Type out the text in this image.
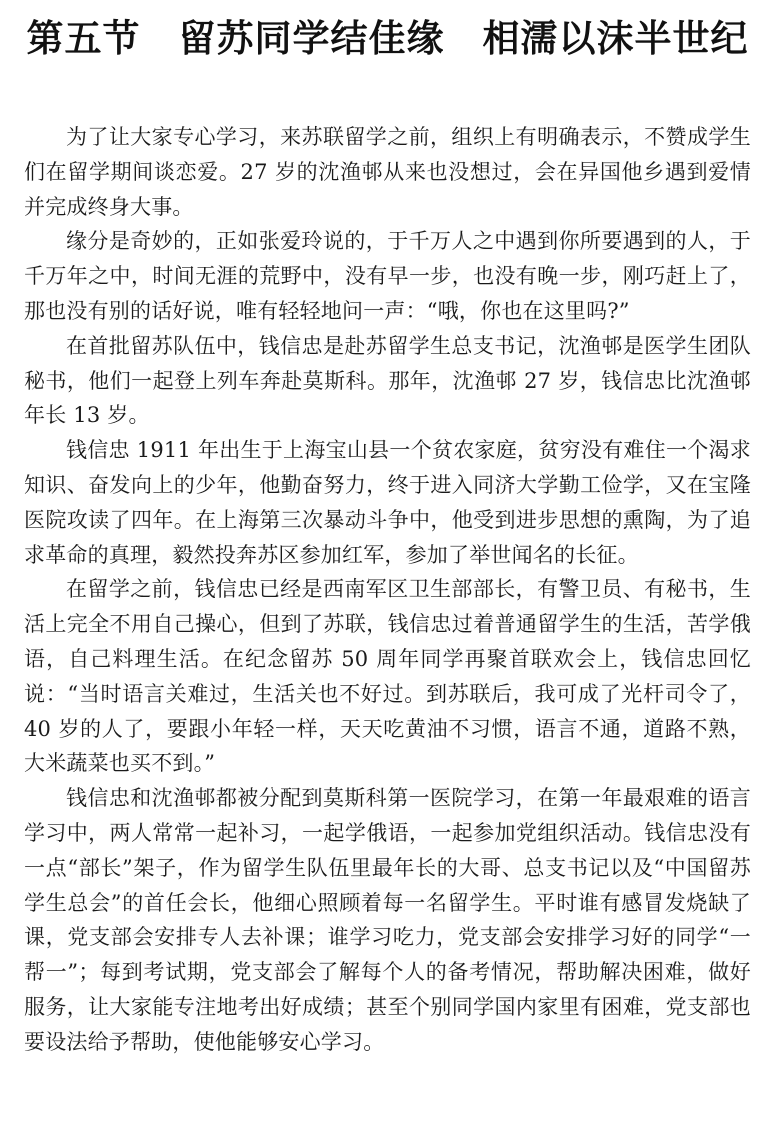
第五节　留苏同学结佳缘　相濡以沫半世纪

为了让大家专心学习，来苏联留学之前，组织上有明确表示，不赞成学生们在留学期间谈恋爱。27 岁的沈渔邨从来也没想过，会在异国他乡遇到爱情并完成终身大事。

缘分是奇妙的，正如张爱玲说的，于千万人之中遇到你所要遇到的人，于千万年之中，时间无涯的荒野中，没有早一步，也没有晚一步，刚巧赶上了，那也没有别的话好说，唯有轻轻地问一声：“哦，你也在这里吗?”

在首批留苏队伍中，钱信忠是赴苏留学生总支书记，沈渔邨是医学生团队秘书，他们一起登上列车奔赴莫斯科。那年，沈渔邨 27 岁，钱信忠比沈渔邨年长 13 岁。

钱信忠 1911 年出生于上海宝山县一个贫农家庭，贫穷没有难住一个渴求知识、奋发向上的少年，他勤奋努力，终于进入同济大学勤工俭学，又在宝隆医院攻读了四年。在上海第三次暴动斗争中，他受到进步思想的熏陶，为了追求革命的真理，毅然投奔苏区参加红军，参加了举世闻名的长征。

在留学之前，钱信忠已经是西南军区卫生部部长，有警卫员、有秘书，生活上完全不用自己操心，但到了苏联，钱信忠过着普通留学生的生活，苦学俄语，自己料理生活。在纪念留苏 50 周年同学再聚首联欢会上，钱信忠回忆说：“当时语言关难过，生活关也不好过。到苏联后，我可成了光杆司令了，40 岁的人了，要跟小年轻一样，天天吃黄油不习惯，语言不通，道路不熟，大米蔬菜也买不到。”

钱信忠和沈渔邨都被分配到莫斯科第一医院学习，在第一年最艰难的语言学习中，两人常常一起补习，一起学俄语，一起参加党组织活动。钱信忠没有一点“部长”架子，作为留学生队伍里最年长的大哥、总支书记以及“中国留苏学生总会”的首任会长，他细心照顾着每一名留学生。平时谁有感冒发烧缺了课，党支部会安排专人去补课；谁学习吃力，党支部会安排学习好的同学“一帮一”；每到考试期，党支部会了解每个人的备考情况，帮助解决困难，做好服务，让大家能专注地考出好成绩；甚至个别同学国内家里有困难，党支部也要设法给予帮助，使他能够安心学习。
